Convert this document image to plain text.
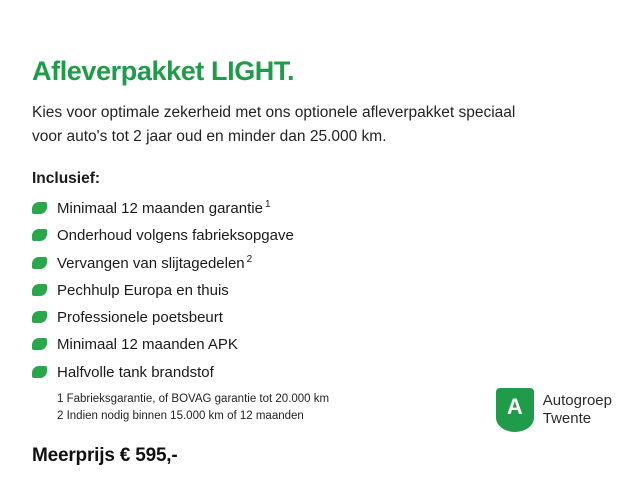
Afleverpakket LIGHT.

Kies voor optimale zekerheid met ons optionele afleverpakket speciaal voor auto's tot 2 jaar oud en minder dan 25.000 km.

Inclusief:
Minimaal 12 maanden garantie $^1$
Onderhoud volgens fabrieksopgave
Vervangen van slijtagedelen $^2$
Pechhulp Europa en thuis
Professionele poetsbeurt
Minimaal 12 maanden APK
Halfvolle tank brandstof
1 Fabrieksgarantie, of BOVAG garantie tot 20.000 km
2 Indien nodig binnen 15.000 km of 12 maanden
Meerprijs € 595,-
A	Autogroep
Twente
